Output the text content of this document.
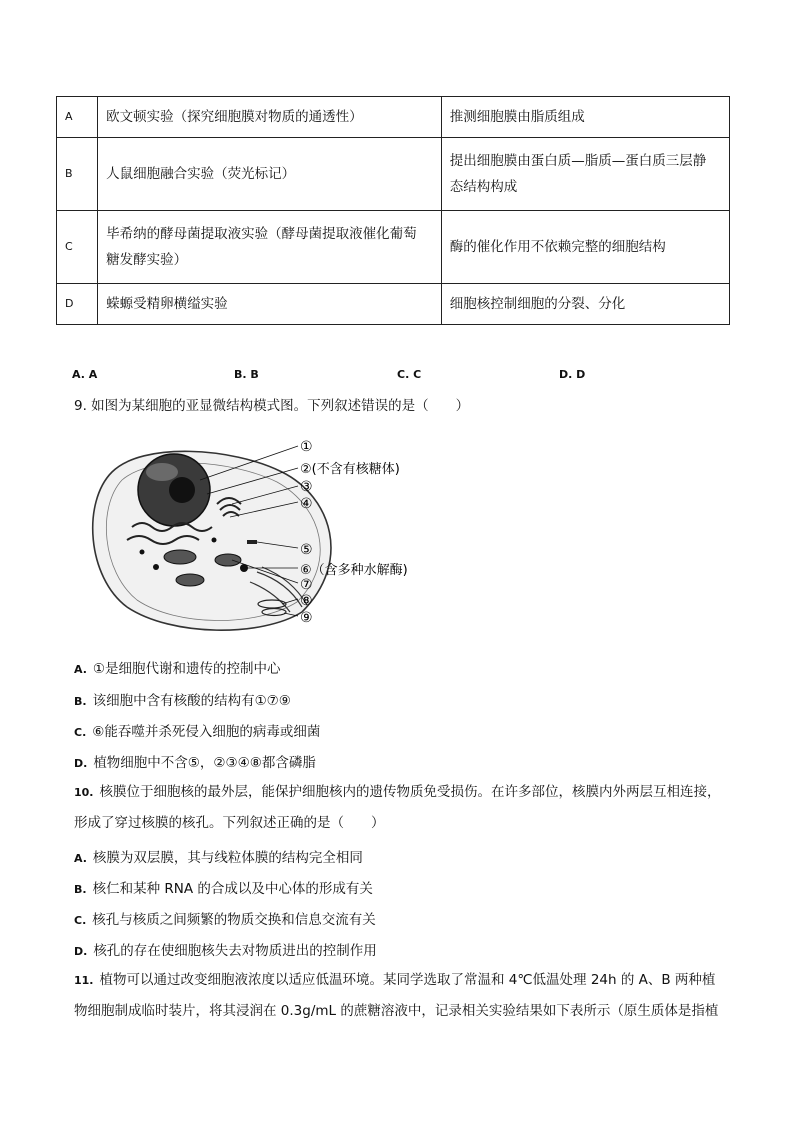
A	欧文顿实验（探究细胞膜对物质的通透性）	推测细胞膜由脂质组成
B	人鼠细胞融合实验（荧光标记）	提出细胞膜由蛋白质—脂质—蛋白质三层静
态结构构成

C	毕希纳的酵母菌提取液实验（酵母菌提取液催化葡萄
糖发酵实验）	酶的催化作用不依赖完整的细胞结构
D	蝾螈受精卵横缢实验	细胞核控制细胞的分裂、分化
A. A	B. B	C. C	D. D
9. 如图为某细胞的亚显微结构模式图。下列叙述错误的是（　　）
①
②(不含有核糖体)
③
④
⑤
⑥（含多种水解酶)
⑦
⑧
⑨
A. ①是细胞代谢和遗传的控制中心
B. 该细胞中含有核酸的结构有①⑦⑨
C. ⑥能吞噬并杀死侵入细胞的病毒或细菌
D. 植物细胞中不含⑤，②③④⑧都含磷脂
10. 核膜位于细胞核的最外层，能保护细胞核内的遗传物质免受损伤。在许多部位，核膜内外两层互相连接，
形成了穿过核膜的核孔。下列叙述正确的是（　　）
A. 核膜为双层膜，其与线粒体膜的结构完全相同
B. 核仁和某种 RNA 的合成以及中心体的形成有关
C. 核孔与核质之间频繁的物质交换和信息交流有关
D. 核孔的存在使细胞核失去对物质进出的控制作用
11. 植物可以通过改变细胞液浓度以适应低温环境。某同学选取了常温和 4℃低温处理 24h 的 A、B 两种植
物细胞制成临时装片，将其浸润在 0.3g/mL 的蔗糖溶液中，记录相关实验结果如下表所示（原生质体是指植
